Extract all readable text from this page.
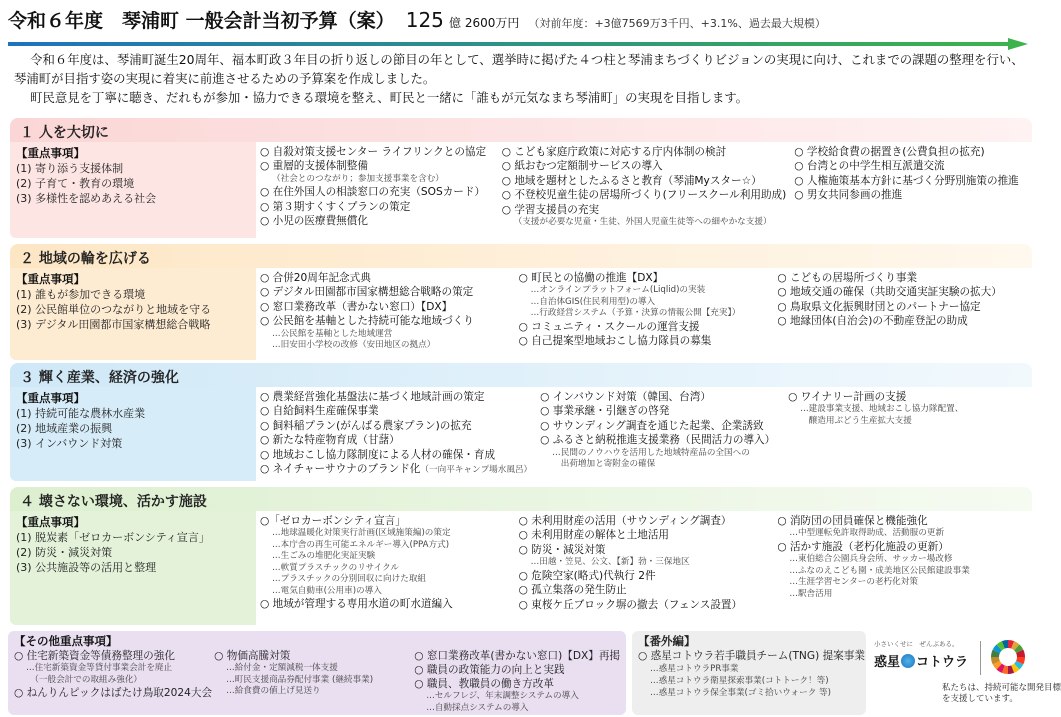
令和６年度　琴浦町 一般会計当初予算（案） 125 億 2600万円 （対前年度：+3億7569万3千円、+3.1%、過去最大規模）

令和６年度は、琴浦町誕生20周年、福本町政３年目の折り返しの節目の年として、選挙時に掲げた４つ柱と琴浦まちづくりビジョンの実現に向け、これまでの課題の整理を行い、琴浦町が目指す姿の実現に着実に前進させるための予算案を作成しました。

町民意見を丁寧に聴き、だれもが参加・協力できる環境を整え、町民と一緒に「誰もが元気なまち琴浦町」の実現を目指します。

１ 人を大切に
【重点事項】
(1) 寄り添う支援体制
(2) 子育て・教育の環境
(3) 多様性を認めあえる社会
○ 自殺対策支援センター ライフリンクとの協定
○ 重層的支援体制整備
（社会とのつながり；参加支援事業を含む）
○ 在住外国人の相談窓口の充実（SOSカード）
○ 第３期すくすくプランの策定
○ 小児の医療費無償化
○ こども家庭庁政策に対応する庁内体制の検討
○ 紙おむつ定額制サービスの導入
○ 地域を題材としたふるさと教育（琴浦Myスター☆）
○ 不登校児童生徒の居場所づくり(フリースクール利用助成)
○ 学習支援員の充実
（支援が必要な児童・生徒、外国人児童生徒等への細やかな支援）
○ 学校給食費の据置き(公費負担の拡充)
○ 台湾との中学生相互派遣交流
○ 人権施策基本方針に基づく分野別施策の推進
○ 男女共同参画の推進
２ 地域の輪を広げる
【重点事項】
(1) 誰もが参加できる環境
(2) 公民館単位のつながりと地域を守る
(3) デジタル田園都市国家構想総合戦略
○ 合併20周年記念式典
○ デジタル田園都市国家構想総合戦略の策定
○ 窓口業務改革（書かない窓口）【DX】
○ 公民館を基軸とした持続可能な地域づくり
…公民館を基軸とした地域運営
…旧安田小学校の改修（安田地区の拠点）
○ 町民との協働の推進【DX】
…オンラインプラットフォーム(Liqlid)の実装
…自治体GIS(住民利用型)の導入
…行政経営システム（予算・決算の情報公開【充実】）
○ コミュニティ・スクールの運営支援
○ 自己提案型地域おこし協力隊員の募集
○ こどもの居場所づくり事業
○ 地域交通の確保（共助交通実証実験の拡大）
○ 鳥取県文化振興財団とのパートナー協定
○ 地縁団体(自治会)の不動産登記の助成
３ 輝く産業、経済の強化
【重点事項】
(1) 持続可能な農林水産業
(2) 地域産業の振興
(3) インバウンド対策
○ 農業経営強化基盤法に基づく地域計画の策定
○ 自給飼料生産確保事業
○ 飼料稲プラン(がんばる農家プラン)の拡充
○ 新たな特産物育成（甘藷）
○ 地域おこし協力隊制度による人材の確保・育成
○ ネイチャーサウナのブランド化（一向平キャンプ場水風呂）
○ インバウンド対策（韓国、台湾）
○ 事業承継・引継ぎの啓発
○ サウンディング調査を通じた起業、企業誘致
○ ふるさと納税推進支援業務（民間活力の導入）
…民間のノウハウを活用した地域特産品の全国への
　出荷増加と寄附金の確保
○ ワイナリー計画の支援
…建設事業支援、地域おこし協力隊配置、
　醸造用ぶどう生産拡大支援
４ 壊さない環境、活かす施設
【重点事項】
(1) 脱炭素「ゼロカーボンシティ宣言」
(2) 防災・減災対策
(3) 公共施設等の活用と整理
○「ゼロカーボンシティ宣言」
…地球温暖化対策実行計画(区域施策編)の策定
…本庁舎の再生可能エネルギー導入(PPA方式)
…生ごみの堆肥化実証実験
…軟質プラスチックのリサイクル
…プラスチックの分別回収に向けた取組
…電気自動車(公用車)の導入
○ 地域が管理する専用水道の町水道編入
○ 未利用財産の活用（サウンディング調査）
○ 未利用財産の解体と土地活用
○ 防災・減災対策
…田越・笠見、公文、【新】勃・三保地区
○ 危険空家(略式)代執行 2件
○ 孤立集落の発生防止
○ 東桜ケ丘ブロック塀の撤去（フェンス設置）
○ 消防団の団員確保と機能強化
…中型運転免許取得助成、活動服の更新
○ 活かす施設（老朽化施設の更新）
…東伯総合公園兵身会所、サッカー場改修
…ふなのえこども園・成美地区公民館建設事業
…生涯学習センターの老朽化対策
…駅舎活用
【その他重点事項】
○ 住宅新築資金等債務整理の強化
…住宅新築資金等貸付事業会計を廃止
　（一般会計での取組み強化）
○ ねんりんピックはばたけ鳥取2024大会
○ 物価高騰対策
…給付金・定額減税一体支援
…町民支援商品券配付事業 (継続事業)
…給食費の値上げ見送り
○ 窓口業務改革(書かない窓口)【DX】再掲
○ 職員の政策能力の向上と実践
○ 職員、教職員の働き方改革
…セルフレジ、年末調整システムの導入
…自動採点システムの導入
【番外編】
○ 惑星コトウラ若手職員チーム(TNG) 提案事業
…惑星コトウラPR事業
…惑星コトウラ衛星探索事業(コトトーク！等)
…惑星コトウラ保全事業(ゴミ拾いウォーク 等)
小さいくせに　ぜんぶある。
惑星 コトウラ
私たちは、持続可能な開発目標
を支援しています。
